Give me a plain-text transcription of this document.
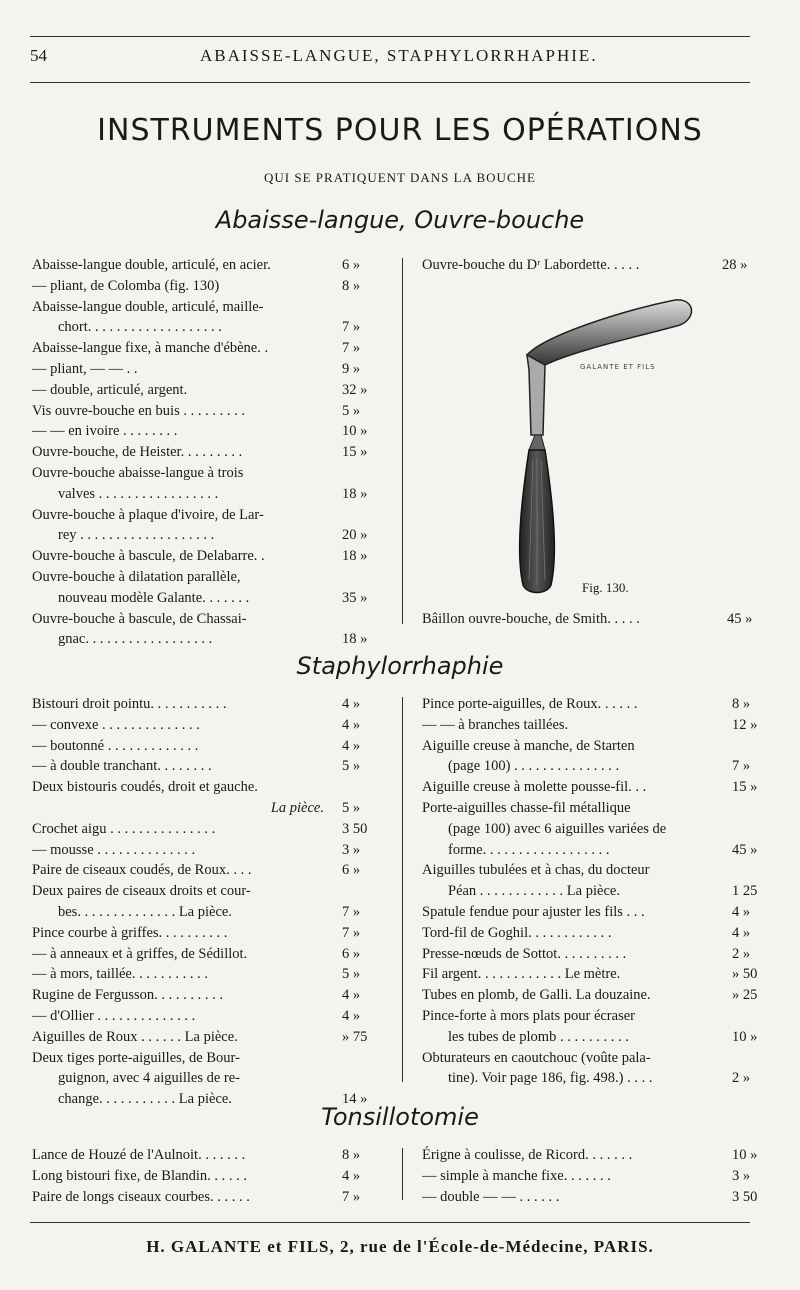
54	ABAISSE-LANGUE, STAPHYLORRHAPHIE.
INSTRUMENTS POUR LES OPÉRATIONS
QUI SE PRATIQUENT DANS LA BOUCHE
Abaisse-langue, Ouvre-bouche
Abaisse-langue double, articulé, en acier.	6 »
— pliant, de Colomba (fig. 130)	8 »
Abaisse-langue double, articulé, maille-
chort. . . . . . . . . . . . . . . . . . .	7 »
Abaisse-langue fixe, à manche d'ébène. .	7 »
— pliant, — — . .	9 »
— double, articulé, argent.	32 »
Vis ouvre-bouche en buis . . . . . . . . .	5 »
— — en ivoire . . . . . . . .	10 »
Ouvre-bouche, de Heister. . . . . . . . .	15 »
Ouvre-bouche abaisse-langue à trois
valves . . . . . . . . . . . . . . . . .	18 »
Ouvre-bouche à plaque d'ivoire, de Lar-
rey . . . . . . . . . . . . . . . . . . .	20 »
Ouvre-bouche à bascule, de Delabarre. .	18 »
Ouvre-bouche à dilatation parallèle,
nouveau modèle Galante. . . . . . .	35 »
Ouvre-bouche à bascule, de Chassai-
gnac. . . . . . . . . . . . . . . . . .	18 »
Ouvre-bouche du Dʳ Labordette. . . . .	28 »
GALANTE ET FILS
Fig. 130.
Bâillon ouvre-bouche, de Smith. . . . .	45 »
Staphylorrhaphie
Bistouri droit pointu. . . . . . . . . . .	4 »
— convexe . . . . . . . . . . . . . .	4 »
— boutonné . . . . . . . . . . . . .	4 »
— à double tranchant. . . . . . . .	5 »
Deux bistouris coudés, droit et gauche.
La pièce. 5 »
Crochet aigu . . . . . . . . . . . . . . .	3 50
— mousse . . . . . . . . . . . . . .	3 »
Paire de ciseaux coudés, de Roux. . . .	6 »
Deux paires de ciseaux droits et cour-
bes. . . . . . . . . . . . . . La pièce.	7 »
Pince courbe à griffes. . . . . . . . . .	7 »
— à anneaux et à griffes, de Sédillot.	6 »
— à mors, taillée. . . . . . . . . . .	5 »
Rugine de Fergusson. . . . . . . . . .	4 »
— d'Ollier . . . . . . . . . . . . . .	4 »
Aiguilles de Roux . . . . . . La pièce.	» 75
Deux tiges porte-aiguilles, de Bour-
guignon, avec 4 aiguilles de re-
change. . . . . . . . . . . La pièce.	14 »
Pince porte-aiguilles, de Roux. . . . . .	8 »
— — à branches taillées.	12 »
Aiguille creuse à manche, de Starten
(page 100) . . . . . . . . . . . . . . .	7 »
Aiguille creuse à molette pousse-fil. . .	15 »
Porte-aiguilles chasse-fil métallique
(page 100) avec 6 aiguilles variées de
forme. . . . . . . . . . . . . . . . . .	45 »
Aiguilles tubulées et à chas, du docteur
Péan . . . . . . . . . . . . La pièce.	1 25
Spatule fendue pour ajuster les fils . . .	4 »
Tord-fil de Goghil. . . . . . . . . . . .	4 »
Presse-nœuds de Sottot. . . . . . . . . .	2 »
Fil argent. . . . . . . . . . . . Le mètre.	» 50
Tubes en plomb, de Galli. La douzaine.	» 25
Pince-forte à mors plats pour écraser
les tubes de plomb . . . . . . . . . .	10 »
Obturateurs en caoutchouc (voûte pala-
tine). Voir page 186, fig. 498.) . . . .	2 »
Tonsillotomie
Lance de Houzé de l'Aulnoit. . . . . . .	8 »
Long bistouri fixe, de Blandin. . . . . .	4 »
Paire de longs ciseaux courbes. . . . . .	7 »
Érigne à coulisse, de Ricord. . . . . . .	10 »
— simple à manche fixe. . . . . . .	3 »
— double — — . . . . . .	3 50
H. GALANTE et FILS, 2, rue de l'École-de-Médecine, PARIS.
